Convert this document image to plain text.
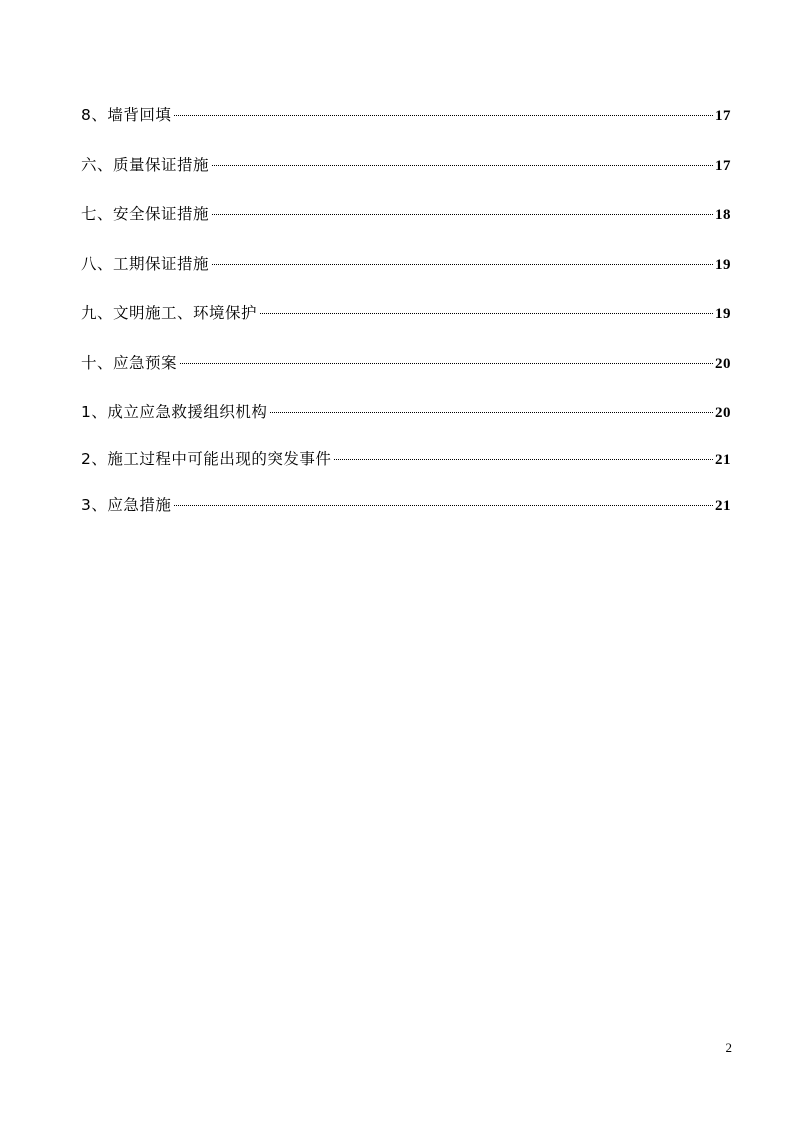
8、墙背回填	17
六、质量保证措施	17
七、安全保证措施	18
八、工期保证措施	19
九、文明施工、环境保护	19
十、应急预案	20
1、成立应急救援组织机构	20
2、施工过程中可能出现的突发事件	21
3、应急措施	21
2
